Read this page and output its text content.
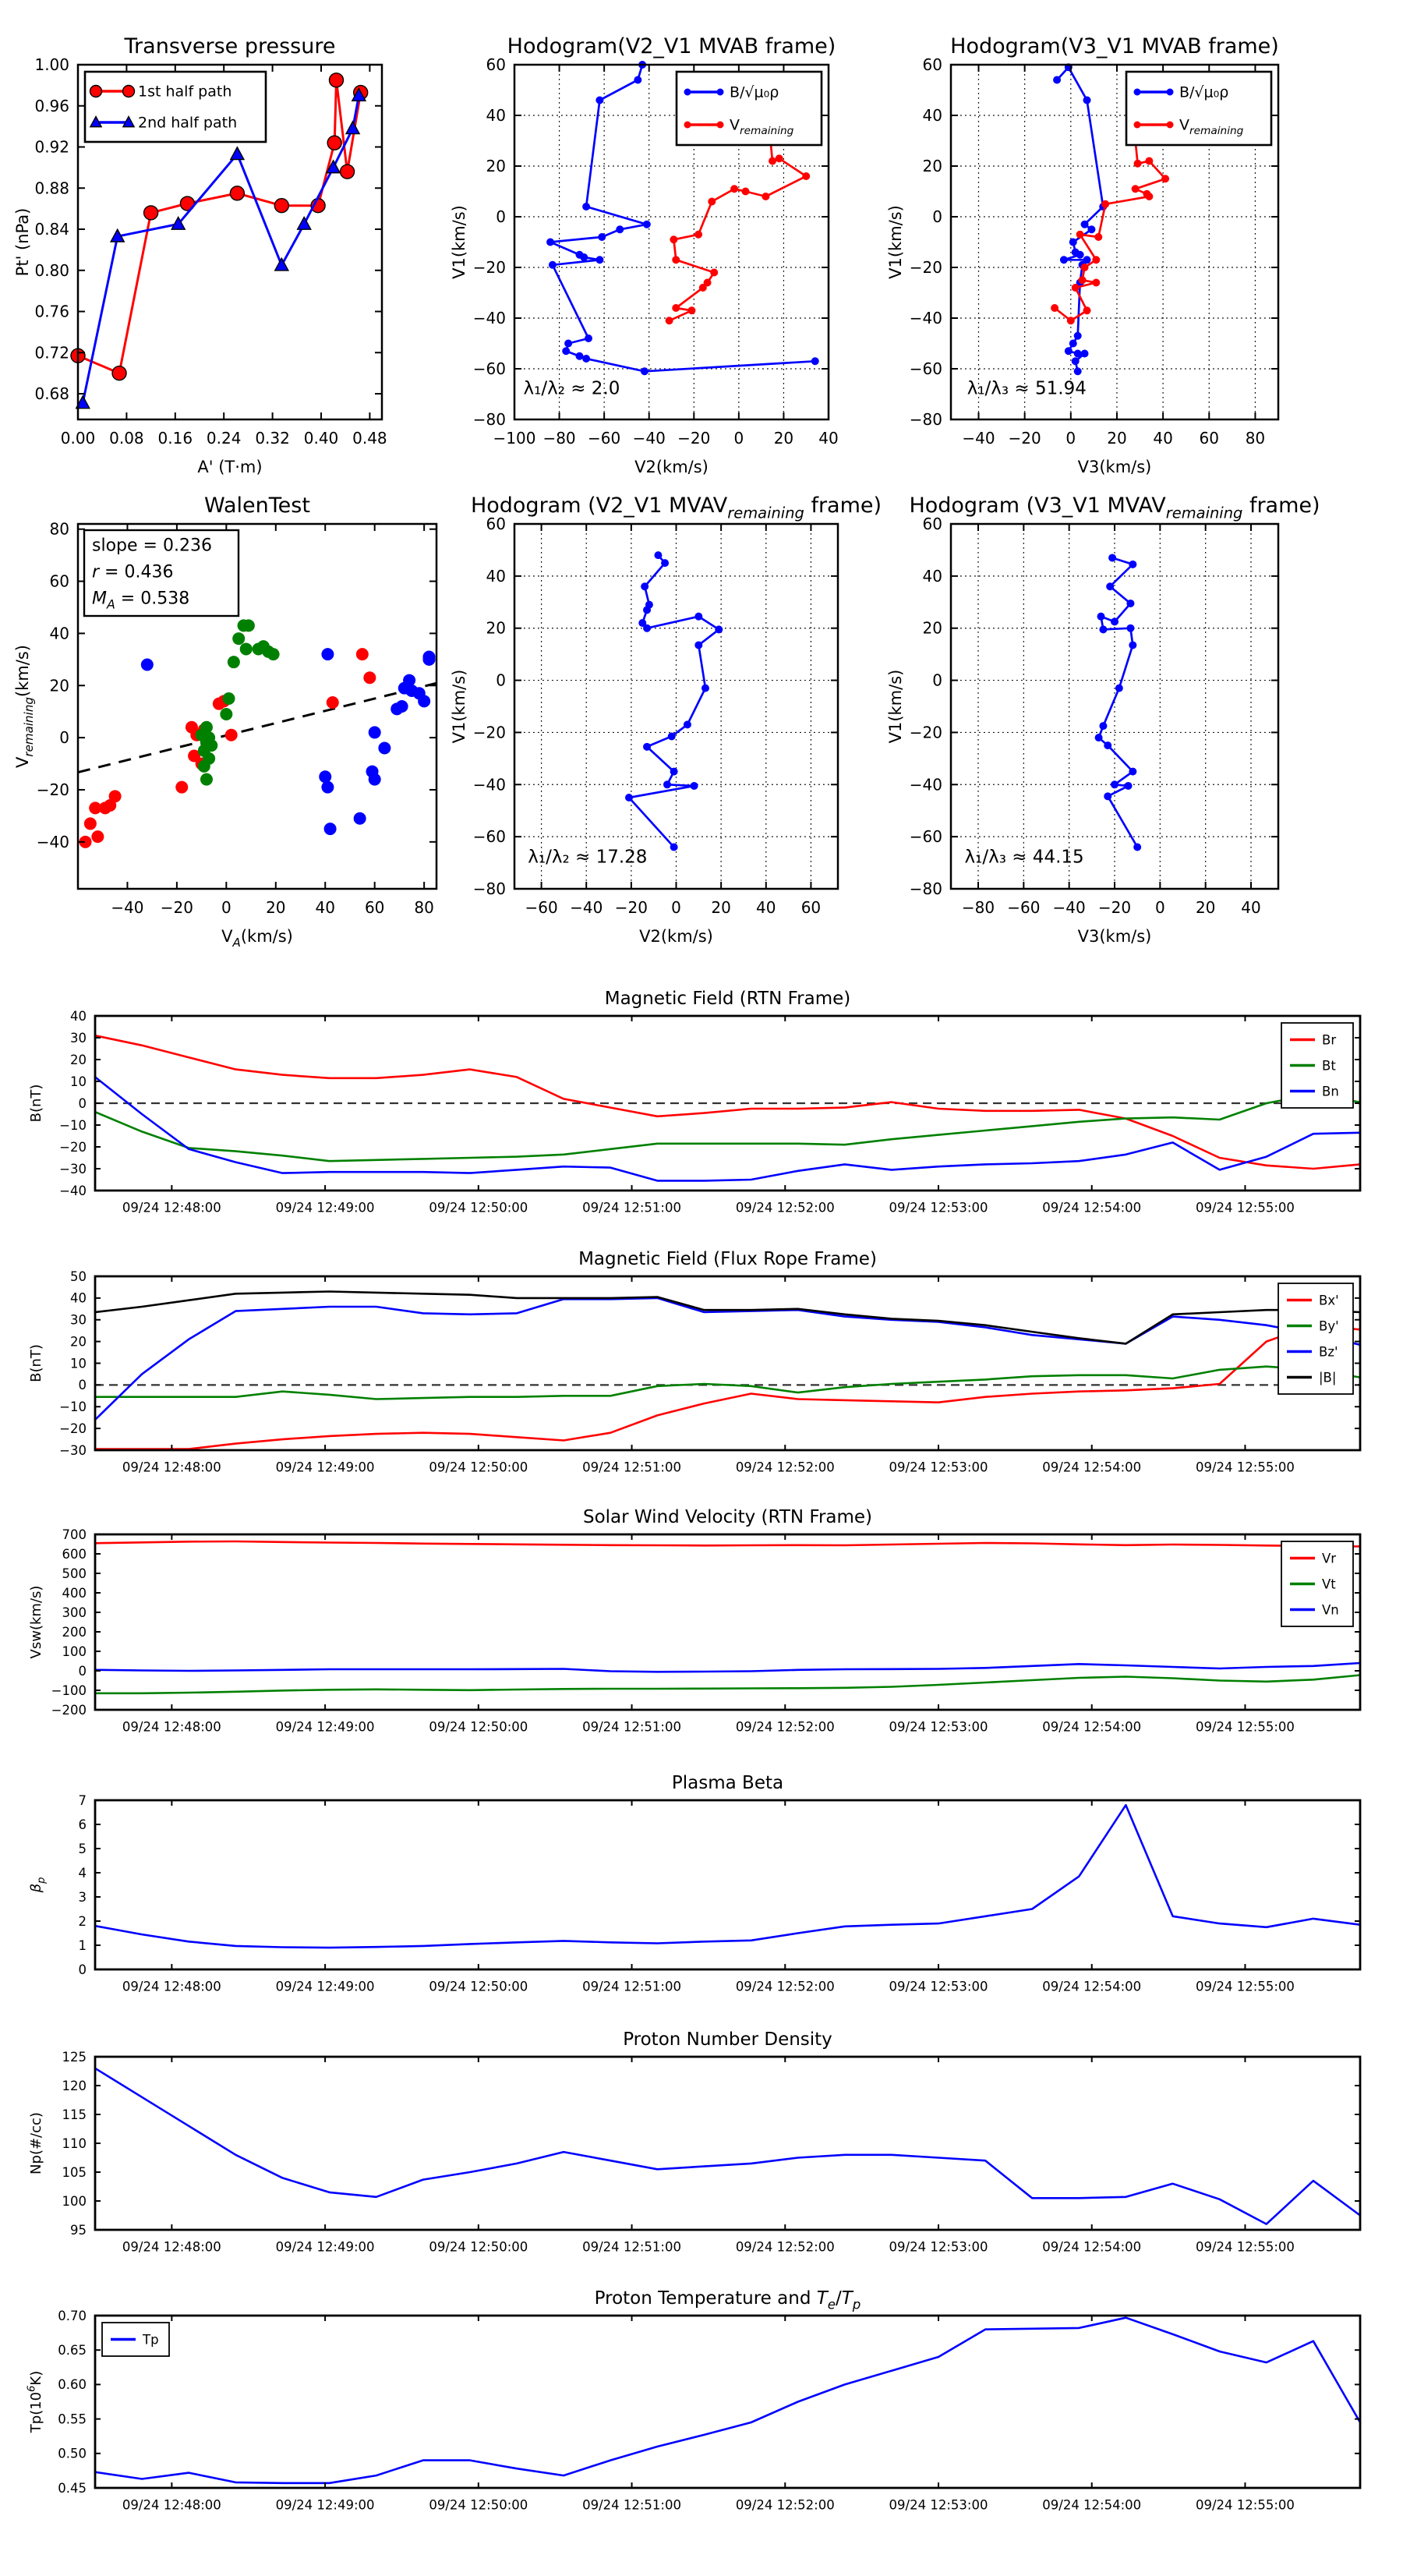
0.00 0.08 0.16 0.24 0.32 0.40 0.48
0.68
0.72
0.76
0.80
0.84
0.88
0.92
0.96
1.00
Transverse pressure
A' (T·m)
Pt' (nPa)
1st half path
2nd half path
−100 −80 −60 −40 −20 0 20 40
−80
−60
−40
−20
0
20
40
60
Hodogram(V2_V1 MVAB frame)
V2(km/s)
V1(km/s)
λ₁/λ₂ ≈ 2.0
B/√μ₀ρ
$V_{remaining}$
−40 −20 0 20 40 60 80
−80
−60
−40
−20
0
20
40
60
Hodogram(V3_V1 MVAB frame)
V3(km/s)
V1(km/s)
λ₁/λ₃ ≈ 51.94
B/√μ₀ρ
$V_{remaining}$
−40 −20 0 20 40 60 80
−40
−20
0
20
40
60
80
WalenTest
$V_A(km/s)$
$V_{remaining}(km/s)$
slope = 0.236
r = 0.436
$M_A = 0.538$
−60 −40 −20 0 20 40 60
−80
−60
−40
−20
0
20
40
60
Hodogram (V2_V1 $MVAV_{remaining}$ frame)
V2(km/s)
V1(km/s)
λ₁/λ₂ ≈ 17.28
−80 −60 −40 −20 0 20 40
−80
−60
−40
−20
0
20
40
60
Hodogram (V3_V1 $MVAV_{remaining}$ frame)
V3(km/s)
V1(km/s)
λ₁/λ₃ ≈ 44.15
09/24 12:48:00	09/24 12:49:00	09/24 12:50:00	09/24 12:51:00	09/24 12:52:00	09/24 12:53:00	09/24 12:54:00	09/24 12:55:00
−40
−30
−20
−10
0
10
20
30
40
Magnetic Field (RTN Frame)
B(nT)
Br
Bt
Bn
09/24 12:48:00	09/24 12:49:00	09/24 12:50:00	09/24 12:51:00	09/24 12:52:00	09/24 12:53:00	09/24 12:54:00	09/24 12:55:00
−30
−20
−10
0
10
20
30
40
50
Magnetic Field (Flux Rope Frame)
B(nT)
Bx'
By'
Bz'
|B|
09/24 12:48:00	09/24 12:49:00	09/24 12:50:00	09/24 12:51:00	09/24 12:52:00	09/24 12:53:00	09/24 12:54:00	09/24 12:55:00
−200
−100
0
100
200
300
400
500
600
700
Solar Wind Velocity (RTN Frame)
Vsw(km/s)
Vr
Vt
Vn
09/24 12:48:00	09/24 12:49:00	09/24 12:50:00	09/24 12:51:00	09/24 12:52:00	09/24 12:53:00	09/24 12:54:00	09/24 12:55:00
0
1
2
3
4
5
6
7
Plasma Beta
$\beta_p$
09/24 12:48:00	09/24 12:49:00	09/24 12:50:00	09/24 12:51:00	09/24 12:52:00	09/24 12:53:00	09/24 12:54:00	09/24 12:55:00
95
100
105
110
115
120
125
Proton Number Density
Np(#/cc)
09/24 12:48:00	09/24 12:49:00	09/24 12:50:00	09/24 12:51:00	09/24 12:52:00	09/24 12:53:00	09/24 12:54:00	09/24 12:55:00
0.45
0.50
0.55
0.60
0.65
0.70
Proton Temperature and $T_e/T_p$
$Tp(10^6K)$
Tp
